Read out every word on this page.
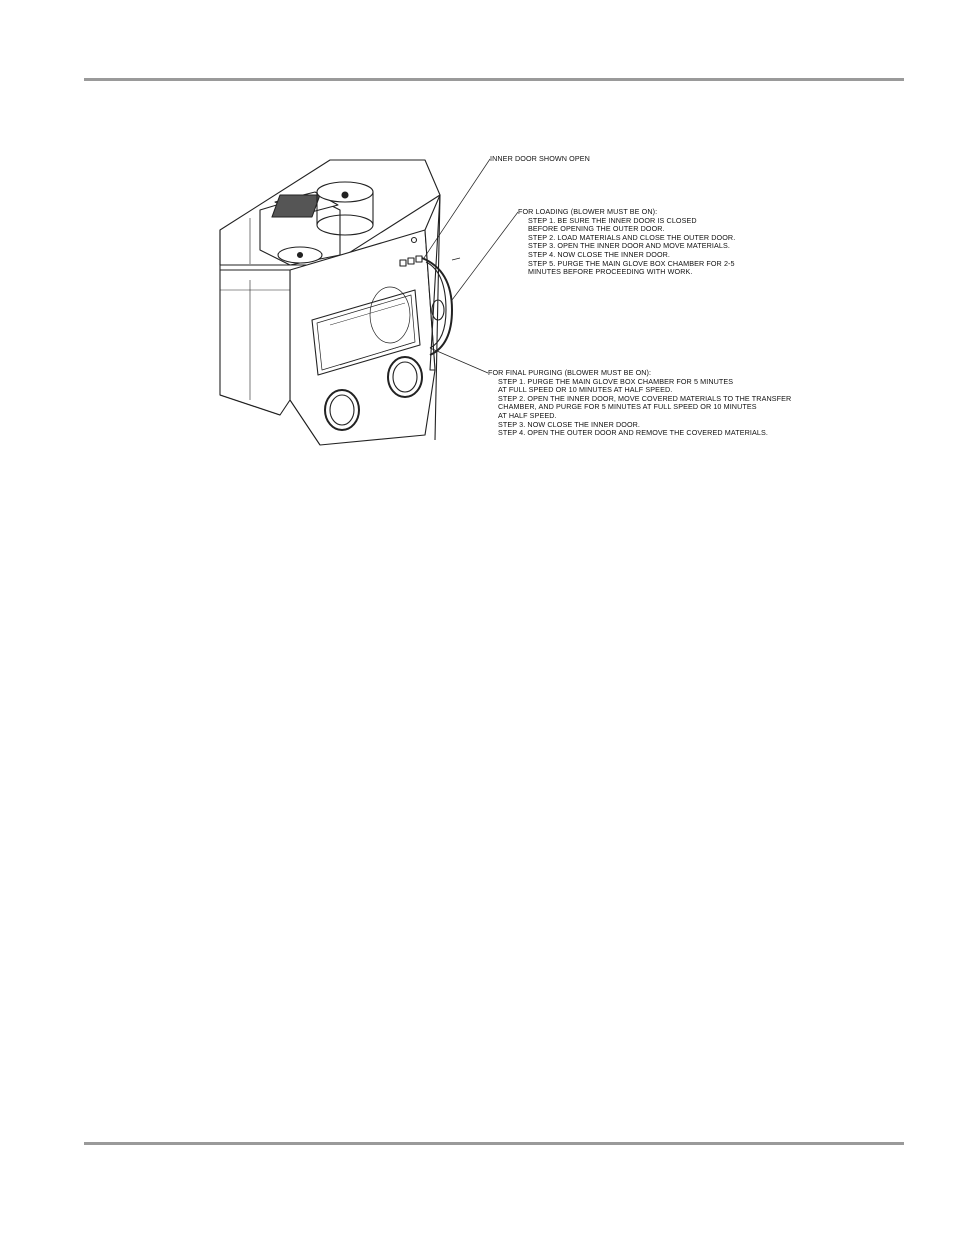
INNER DOOR SHOWN OPEN
FOR LOADING (BLOWER MUST BE ON):
STEP 1. BE SURE THE INNER DOOR IS CLOSED
BEFORE OPENING THE OUTER DOOR.
STEP 2. LOAD MATERIALS AND CLOSE THE OUTER DOOR.
STEP 3. OPEN THE INNER DOOR AND MOVE MATERIALS.
STEP 4. NOW CLOSE THE INNER DOOR.
STEP 5. PURGE THE MAIN GLOVE BOX CHAMBER FOR 2-5
MINUTES BEFORE PROCEEDING WITH WORK.
FOR FINAL PURGING (BLOWER MUST BE ON):
STEP 1. PURGE THE MAIN GLOVE BOX CHAMBER FOR 5 MINUTES
AT FULL SPEED OR 10 MINUTES AT HALF SPEED.
STEP 2. OPEN THE INNER DOOR, MOVE COVERED MATERIALS TO THE TRANSFER
CHAMBER, AND PURGE FOR 5 MINUTES AT FULL SPEED OR 10 MINUTES
AT HALF SPEED.
STEP 3. NOW CLOSE THE INNER DOOR.
STEP 4. OPEN THE OUTER DOOR AND REMOVE THE COVERED MATERIALS.
